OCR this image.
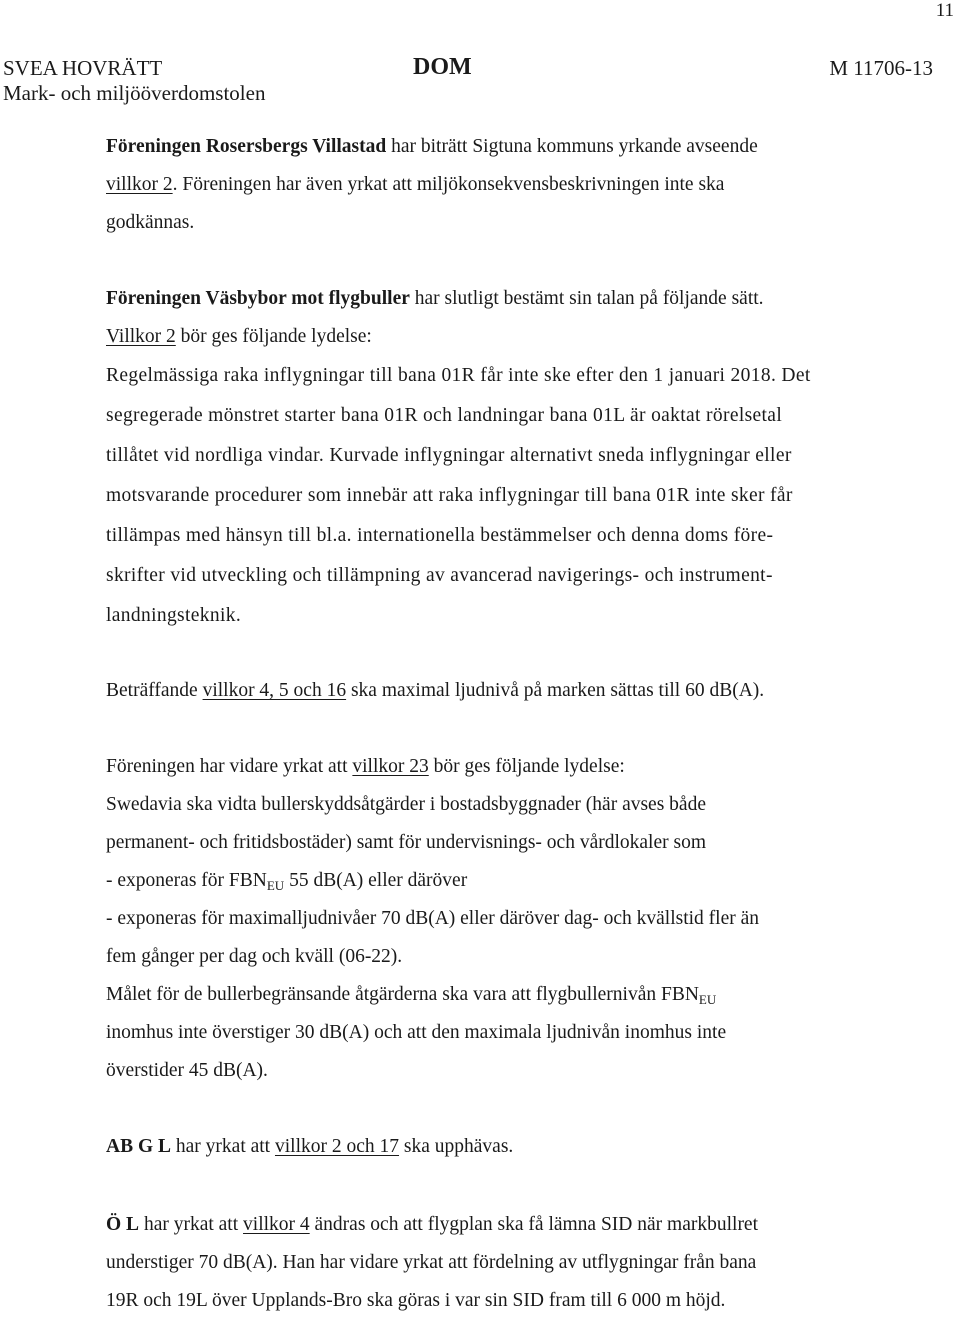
11
SVEA HOVRÄTT
Mark- och miljööverdomstolen
DOM	M 11706-13
Föreningen Rosersbergs Villastad har biträtt Sigtuna kommuns yrkande avseende
villkor 2. Föreningen har även yrkat att miljökonsekvensbeskrivningen inte ska
godkännas.
Föreningen Väsbybor mot flygbuller har slutligt bestämt sin talan på följande sätt.
Villkor 2 bör ges följande lydelse:
Regelmässiga raka inflygningar till bana 01R får inte ske efter den 1 januari 2018. Det
segregerade mönstret starter bana 01R och landningar bana 01L är oaktat rörelsetal
tillåtet vid nordliga vindar. Kurvade inflygningar alternativt sneda inflygningar eller
motsvarande procedurer som innebär att raka inflygningar till bana 01R inte sker får
tillämpas med hänsyn till bl.a. internationella bestämmelser och denna doms före-
skrifter vid utveckling och tillämpning av avancerad navigerings- och instrument-
landningsteknik.
Beträffande villkor 4, 5 och 16 ska maximal ljudnivå på marken sättas till 60 dB(A).
Föreningen har vidare yrkat att villkor 23 bör ges följande lydelse:
Swedavia ska vidta bullerskyddsåtgärder i bostadsbyggnader (här avses både
permanent- och fritidsbostäder) samt för undervisnings- och vårdlokaler som
- exponeras för $FBN_{EU}$ 55 dB(A) eller däröver
- exponeras för maximalljudnivåer 70 dB(A) eller däröver dag- och kvällstid fler än
fem gånger per dag och kväll (06-22).
Målet för de bullerbegränsande åtgärderna ska vara att flygbullernivån $FBN_{EU}$
inomhus inte överstiger 30 dB(A) och att den maximala ljudnivån inomhus inte
överstider 45 dB(A).
AB G L har yrkat att villkor 2 och 17 ska upphävas.
Ö L har yrkat att villkor 4 ändras och att flygplan ska få lämna SID när markbullret
understiger 70 dB(A). Han har vidare yrkat att fördelning av utflygningar från bana
19R och 19L över Upplands-Bro ska göras i var sin SID fram till 6 000 m höjd.
